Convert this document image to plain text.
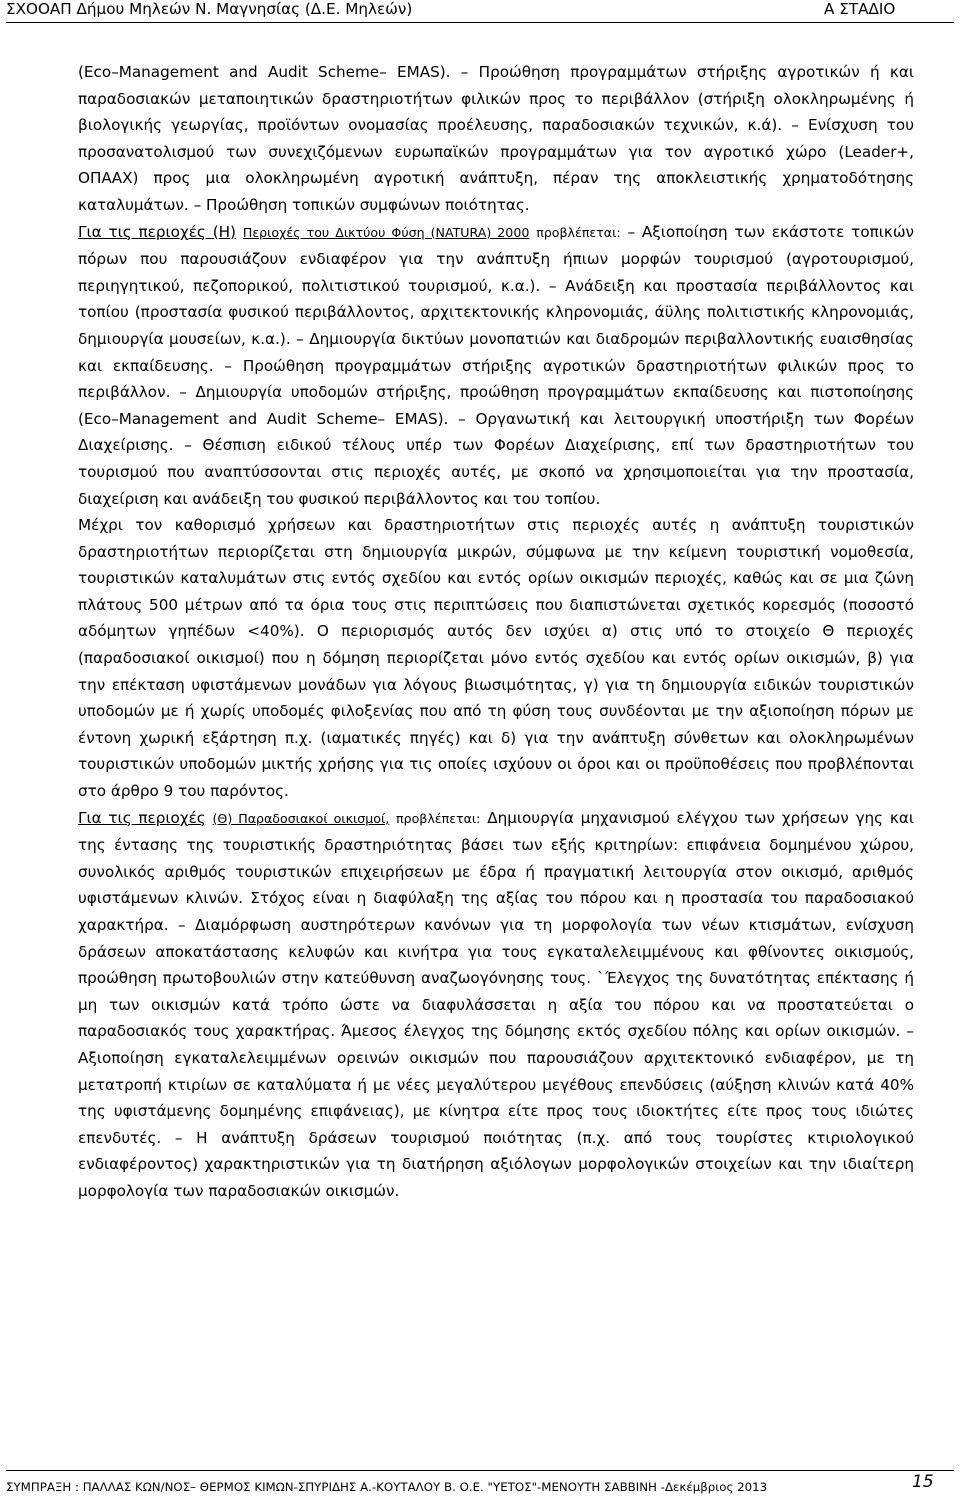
ΣΧΟΟΑΠ Δήμου Μηλεών Ν. Μαγνησίας (Δ.Ε. Μηλεών)	Α ΣΤΑΔΙΟ

(Eco–Management and Audit Scheme– EMAS). – Προώθηση προγραμμάτων στήριξης αγροτικών ή και παραδοσιακών μεταποιητικών δραστηριοτήτων φιλικών προς το περιβάλλον (στήριξη ολοκληρωμένης ή βιολογικής γεωργίας, προϊόντων ονομασίας προέλευσης, παραδοσιακών τεχνικών, κ.ά). – Ενίσχυση του προσανατολισμού των συνεχιζόμενων ευρωπαϊκών προγραμμάτων για τον αγροτικό χώρο (Leader+, ΟΠΑΑΧ) προς μια ολοκληρωμένη αγροτική ανάπτυξη, πέραν της αποκλειστικής χρηματοδότησης καταλυμάτων. – Προώθηση τοπικών συμφώνων ποιότητας.

Για τις περιοχές (Η) Περιοχές του Δικτύου Φύση (NATURA) 2000 προβλέπεται: – Αξιοποίηση των εκάστοτε τοπικών πόρων που παρουσιάζουν ενδιαφέρον για την ανάπτυξη ήπιων μορφών τουρισμού (αγροτουρισμού, περιηγητικού, πεζοπορικού, πολιτιστικού τουρισμού, κ.α.). – Ανάδειξη και προστασία περιβάλλοντος και τοπίου (προστασία φυσικού περιβάλλοντος, αρχιτεκτονικής κληρονομιάς, άϋλης πολιτιστικής κληρονομιάς, δημιουργία μουσείων, κ.α.). – Δημιουργία δικτύων μονοπατιών και διαδρομών περιβαλλοντικής ευαισθησίας και εκπαίδευσης. – Προώθηση προγραμμάτων στήριξης αγροτικών δραστηριοτήτων φιλικών προς το περιβάλλον. – Δημιουργία υποδομών στήριξης, προώθηση προγραμμάτων εκπαίδευσης και πιστοποίησης (Eco–Management and Audit Scheme– EMAS). – Οργανωτική και λειτουργική υποστήριξη των Φορέων Διαχείρισης. – Θέσπιση ειδικού τέλους υπέρ των Φορέων Διαχείρισης, επί των δραστηριοτήτων του τουρισμού που αναπτύσσονται στις περιοχές αυτές, με σκοπό να χρησιμοποιείται για την προστασία, διαχείριση και ανάδειξη του φυσικού περιβάλλοντος και του τοπίου.

Μέχρι τον καθορισμό χρήσεων και δραστηριοτήτων στις περιοχές αυτές η ανάπτυξη τουριστικών δραστηριοτήτων περιορίζεται στη δημιουργία μικρών, σύμφωνα με την κείμενη τουριστική νομοθεσία, τουριστικών καταλυμάτων στις εντός σχεδίου και εντός ορίων οικισμών περιοχές, καθώς και σε μια ζώνη πλάτους 500 μέτρων από τα όρια τους στις περιπτώσεις που διαπιστώνεται σχετικός κορεσμός (ποσοστό αδόμητων γηπέδων <40%). Ο περιορισμός αυτός δεν ισχύει α) στις υπό το στοιχείο Θ περιοχές (παραδοσιακοί οικισμοί) που η δόμηση περιορίζεται μόνο εντός σχεδίου και εντός ορίων οικισμών, β) για την επέκταση υφιστάμενων μονάδων για λόγους βιωσιμότητας, γ) για τη δημιουργία ειδικών τουριστικών υποδομών με ή χωρίς υποδομές φιλοξενίας που από τη φύση τους συνδέονται με την αξιοποίηση πόρων με έντονη χωρική εξάρτηση π.χ. (ιαματικές πηγές) και δ) για την ανάπτυξη σύνθετων και ολοκληρωμένων τουριστικών υποδομών μικτής χρήσης για τις οποίες ισχύουν οι όροι και οι προϋποθέσεις που προβλέπονται στο άρθρο 9 του παρόντος.

Για τις περιοχές (Θ) Παραδοσιακοί οικισμοί, προβλέπεται: Δημιουργία μηχανισμού ελέγχου των χρήσεων γης και της έντασης της τουριστικής δραστηριότητας βάσει των εξής κριτηρίων: επιφάνεια δομημένου χώρου, συνολικός αριθμός τουριστικών επιχειρήσεων με έδρα ή πραγματική λειτουργία στον οικισμό, αριθμός υφιστάμενων κλινών. Στόχος είναι η διαφύλαξη της αξίας του πόρου και η προστασία του παραδοσιακού χαρακτήρα. – Διαμόρφωση αυστηρότερων κανόνων για τη μορφολογία των νέων κτισμάτων, ενίσχυση δράσεων αποκατάστασης κελυφών και κινήτρα για τους εγκαταλελειμμένους και φθίνοντες οικισμούς, προώθηση πρωτοβουλιών στην κατεύθυνση αναζωογόνησης τους. ˋΈλεγχος της δυνατότητας επέκτασης ή μη των οικισμών κατά τρόπο ώστε να διαφυλάσσεται η αξία του πόρου και να προστατεύεται ο παραδοσιακός τους χαρακτήρας. Άμεσος έλεγχος της δόμησης εκτός σχεδίου πόλης και ορίων οικισμών. – Αξιοποίηση εγκαταλελειμμένων ορεινών οικισμών που παρουσιάζουν αρχιτεκτονικό ενδιαφέρον, με τη μετατροπή κτιρίων σε καταλύματα ή με νέες μεγαλύτερου μεγέθους επενδύσεις (αύξηση κλινών κατά 40% της υφιστάμενης δομημένης επιφάνειας), με κίνητρα είτε προς τους ιδιοκτήτες είτε προς τους ιδιώτες επενδυτές. – Η ανάπτυξη δράσεων τουρισμού ποιότητας (π.χ. από τους τουρίστες κτιριολογικού ενδιαφέροντος) χαρακτηριστικών για τη διατήρηση αξιόλογων μορφολογικών στοιχείων και την ιδιαίτερη μορφολογία των παραδοσιακών οικισμών.

ΣΥΜΠΡΑΞΗ : ΠΑΛΛΑΣ ΚΩΝ/ΝΟΣ– ΘΕΡΜΟΣ ΚΙΜΩΝ-ΣΠΥΡΙΔΗΣ Α.-ΚΟΥΤΑΛΟΥ Β. Ο.Ε. "ΥΕΤΟΣ"-ΜΕΝΟΥΤΗ ΣΑΒΒΙΝΗ -Δεκέμβριος 2013	15
